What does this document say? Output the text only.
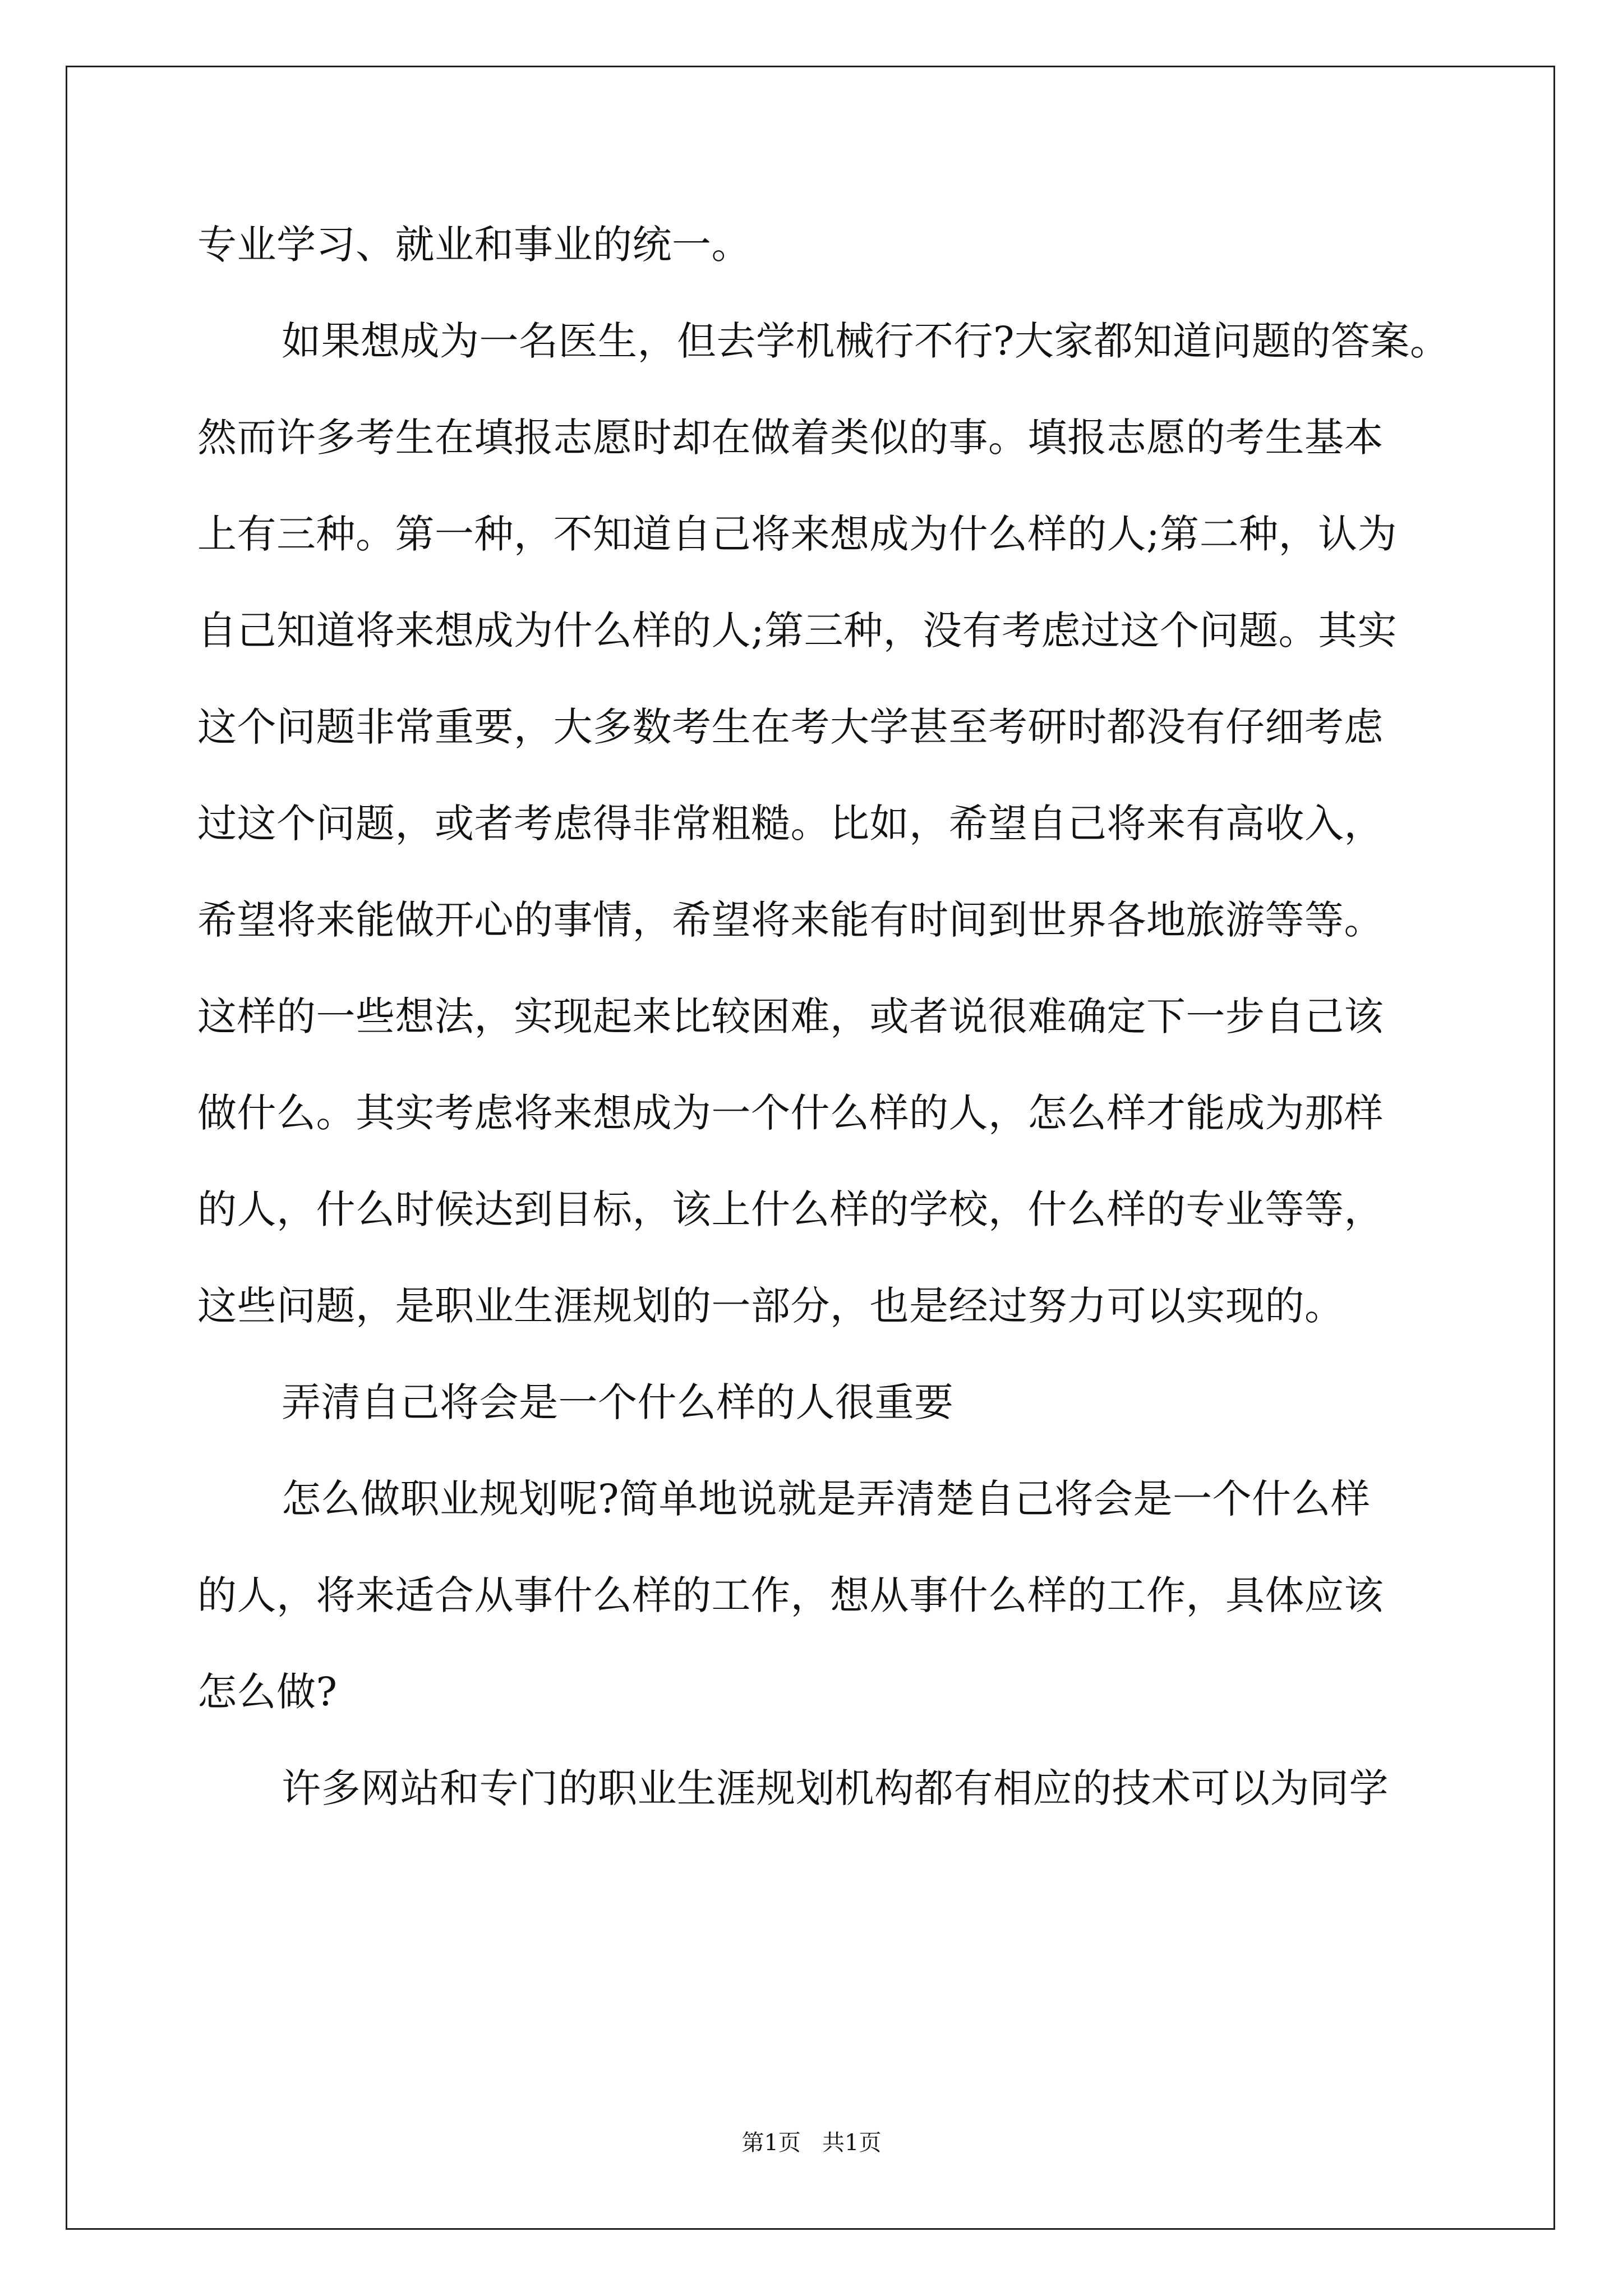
专业学习、就业和事业的统一。
如果想成为一名医生，但去学机械行不行?大家都知道问题的答案。
然而许多考生在填报志愿时却在做着类似的事。填报志愿的考生基本
上有三种。第一种，不知道自己将来想成为什么样的人;第二种，认为
自己知道将来想成为什么样的人;第三种，没有考虑过这个问题。其实
这个问题非常重要，大多数考生在考大学甚至考研时都没有仔细考虑
过这个问题，或者考虑得非常粗糙。比如，希望自己将来有高收入，
希望将来能做开心的事情，希望将来能有时间到世界各地旅游等等。
这样的一些想法，实现起来比较困难，或者说很难确定下一步自己该
做什么。其实考虑将来想成为一个什么样的人，怎么样才能成为那样
的人，什么时候达到目标，该上什么样的学校，什么样的专业等等，
这些问题，是职业生涯规划的一部分，也是经过努力可以实现的。
弄清自己将会是一个什么样的人很重要
怎么做职业规划呢?简单地说就是弄清楚自己将会是一个什么样
的人，将来适合从事什么样的工作，想从事什么样的工作，具体应该
怎么做?
许多网站和专门的职业生涯规划机构都有相应的技术可以为同学
第1页   共1页
